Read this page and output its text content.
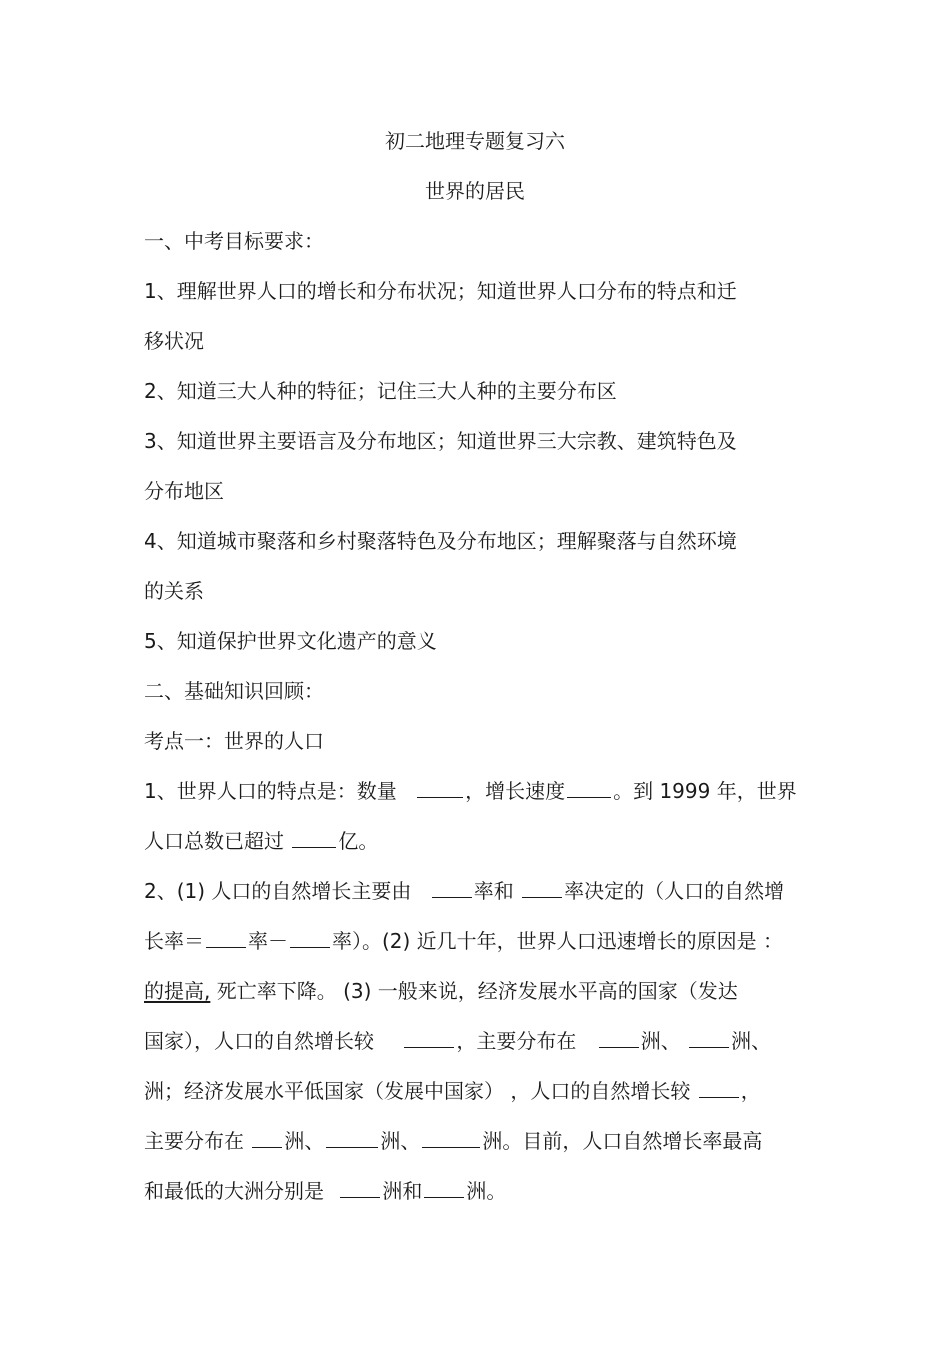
初二地理专题复习六
世界的居民
一、中考目标要求：
1、理解世界人口的增长和分布状况；知道世界人口分布的特点和迁
移状况
2、知道三大人种的特征；记住三大人种的主要分布区
3、知道世界主要语言及分布地区；知道世界三大宗教、建筑特色及
分布地区
4、知道城市聚落和乡村聚落特色及分布地区；理解聚落与自然环境
的关系
5、知道保护世界文化遗产的意义
二、基础知识回顾：
考点一：世界的人口
1、世界人口的特点是：数量	，增长速度 。到 1999 年，世界
人口总数已超过	亿。
2、(1) 人口的自然增长主要由	率和	率决定的（人口的自然增
长率＝ 率－ 率）。(2) 近几十年，世界人口迅速增长的原因是 ：
的提高, 死亡率下降。 (3) 一般来说，经济发展水平高的国家（发达
国家），人口的自然增长较	，主要分布在	洲、	洲、
洲；经济发展水平低国家（发展中国家） ，人口的自然增长较	，
主要分布在 洲、	洲、	洲。目前，人口自然增长率最高
和最低的大洲分别是	洲和 洲。
